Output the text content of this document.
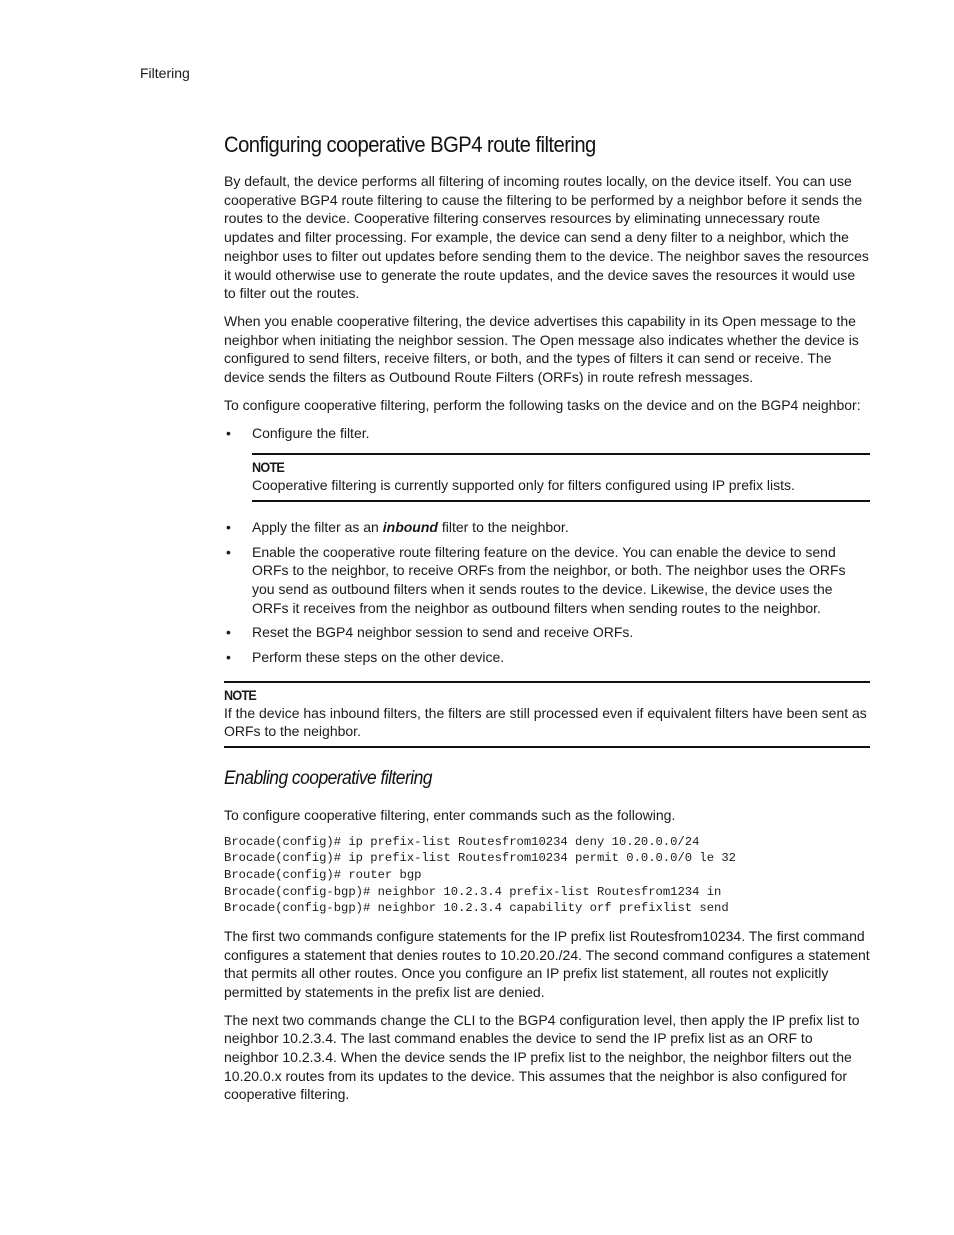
Filtering
Configuring cooperative BGP4 route filtering

By default, the device performs all filtering of incoming routes locally, on the device itself. You can use cooperative BGP4 route filtering to cause the filtering to be performed by a neighbor before it sends the routes to the device. Cooperative filtering conserves resources by eliminating unnecessary route updates and filter processing. For example, the device can send a deny filter to a neighbor, which the neighbor uses to filter out updates before sending them to the device. The neighbor saves the resources it would otherwise use to generate the route updates, and the device saves the resources it would use to filter out the routes.

When you enable cooperative filtering, the device advertises this capability in its Open message to the neighbor when initiating the neighbor session. The Open message also indicates whether the device is configured to send filters, receive filters, or both, and the types of filters it can send or receive. The device sends the filters as Outbound Route Filters (ORFs) in route refresh messages.

To configure cooperative filtering, perform the following tasks on the device and on the BGP4 neighbor:

• Configure the filter.
NOTE
Cooperative filtering is currently supported only for filters configured using IP prefix lists.
• Apply the filter as an inbound filter to the neighbor.
• Enable the cooperative route filtering feature on the device. You can enable the device to send ORFs to the neighbor, to receive ORFs from the neighbor, or both. The neighbor uses the ORFs you send as outbound filters when it sends routes to the device. Likewise, the device uses the ORFs it receives from the neighbor as outbound filters when sending routes to the neighbor.
• Reset the BGP4 neighbor session to send and receive ORFs.
• Perform these steps on the other device.
NOTE
If the device has inbound filters, the filters are still processed even if equivalent filters have been sent as ORFs to the neighbor.
Enabling cooperative filtering

To configure cooperative filtering, enter commands such as the following.

Brocade(config)# ip prefix-list Routesfrom10234 deny 10.20.0.0/24
Brocade(config)# ip prefix-list Routesfrom10234 permit 0.0.0.0/0 le 32
Brocade(config)# router bgp
Brocade(config-bgp)# neighbor 10.2.3.4 prefix-list Routesfrom1234 in
Brocade(config-bgp)# neighbor 10.2.3.4 capability orf prefixlist send

The first two commands configure statements for the IP prefix list Routesfrom10234. The first command configures a statement that denies routes to 10.20.20./24. The second command configures a statement that permits all other routes. Once you configure an IP prefix list statement, all routes not explicitly permitted by statements in the prefix list are denied.

The next two commands change the CLI to the BGP4 configuration level, then apply the IP prefix list to neighbor 10.2.3.4. The last command enables the device to send the IP prefix list as an ORF to neighbor 10.2.3.4. When the device sends the IP prefix list to the neighbor, the neighbor filters out the 10.20.0.x routes from its updates to the device. This assumes that the neighbor is also configured for cooperative filtering.
